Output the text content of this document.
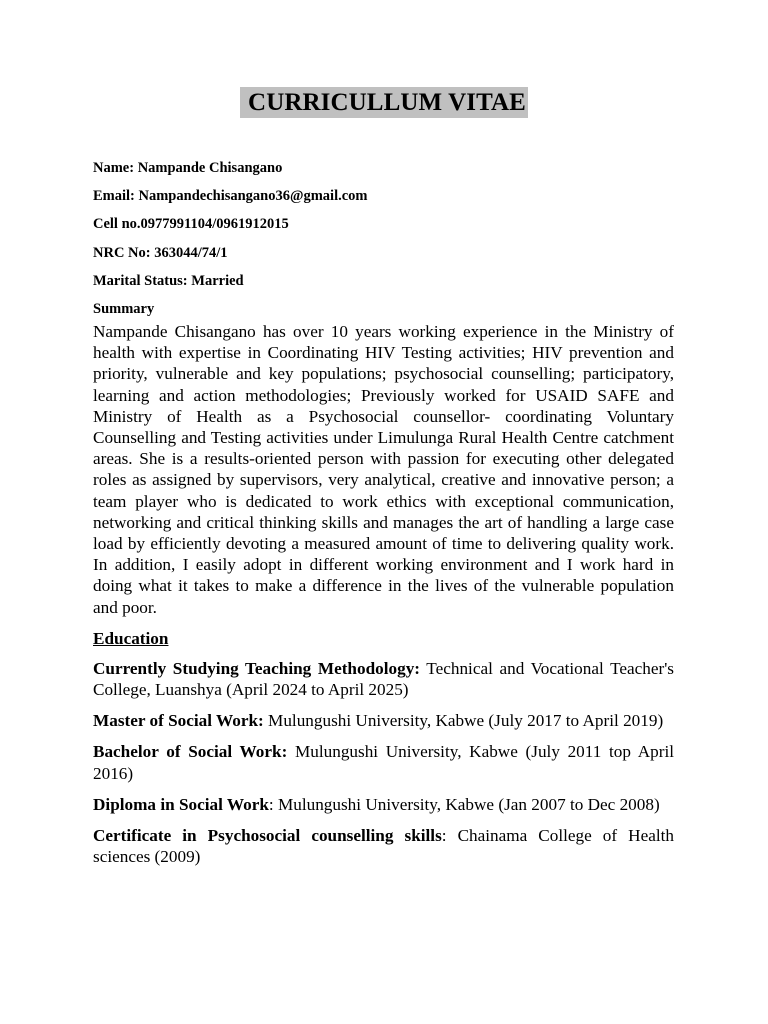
CURRICULLUM VITAE
Name: Nampande Chisangano
Email: Nampandechisangano36@gmail.com
Cell no.0977991104/0961912015
NRC No: 363044/74/1
Marital Status: Married
Summary

Nampande Chisangano has over 10 years working experience in the Ministry of health with expertise in Coordinating HIV Testing activities; HIV prevention and priority, vulnerable and key populations; psychosocial counselling; participatory, learning and action methodologies; Previously worked for USAID SAFE and Ministry of Health as a Psychosocial counsellor- coordinating Voluntary Counselling and Testing activities under Limulunga Rural Health Centre catchment areas. She is a results-oriented person with passion for executing other delegated roles as assigned by supervisors, very analytical, creative and innovative person; a team player who is dedicated to work ethics with exceptional communication, networking and critical thinking skills and manages the art of handling a large case load by efficiently devoting a measured amount of time to delivering quality work. In addition, I easily adopt in different working environment and I work hard in doing what it takes to make a difference in the lives of the vulnerable population and poor.

Education

Currently Studying Teaching Methodology: Technical and Vocational Teacher's College, Luanshya (April 2024 to April 2025)

Master of Social Work: Mulungushi University, Kabwe (July 2017 to April 2019)

Bachelor of Social Work: Mulungushi University, Kabwe (July 2011 top April 2016)

Diploma in Social Work: Mulungushi University, Kabwe (Jan 2007 to Dec 2008)

Certificate in Psychosocial counselling skills: Chainama College of Health sciences (2009)
